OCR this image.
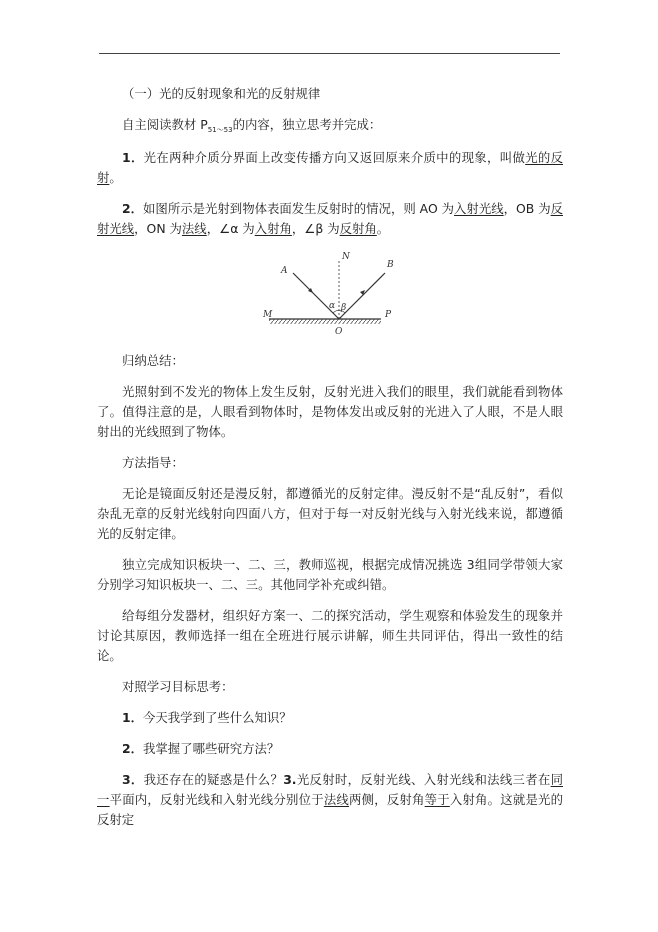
（一）光的反射现象和光的反射规律

自主阅读教材 $P_{51\sim 53}$的内容，独立思考并完成：

1．光在两种介质分界面上改变传播方向又返回原来介质中的现象，叫做光的反射。

2．如图所示是光射到物体表面发生反射时的情况，则 AO 为入射光线，OB 为反射光线，ON 为法线，∠α 为入射角，∠β 为反射角。

A
B
N
M	P
O
α β

归纳总结：

光照射到不发光的物体上发生反射，反射光进入我们的眼里，我们就能看到物体了。值得注意的是，人眼看到物体时，是物体发出或反射的光进入了人眼，不是人眼射出的光线照到了物体。

方法指导：

无论是镜面反射还是漫反射，都遵循光的反射定律。漫反射不是“乱反射”，看似杂乱无章的反射光线射向四面八方，但对于每一对反射光线与入射光线来说，都遵循光的反射定律。

独立完成知识板块一、二、三，教师巡视，根据完成情况挑选 3组同学带领大家分别学习知识板块一、二、三。其他同学补充或纠错。

给每组分发器材，组织好方案一、二的探究活动，学生观察和体验发生的现象并讨论其原因，教师选择一组在全班进行展示讲解，师生共同评估，得出一致性的结论。

对照学习目标思考：

1．今天我学到了些什么知识？

2．我掌握了哪些研究方法？

3．我还存在的疑惑是什么？3.光反射时，反射光线、入射光线和法线三者在同一平面内，反射光线和入射光线分别位于法线两侧，反射角等于入射角。这就是光的反射定
